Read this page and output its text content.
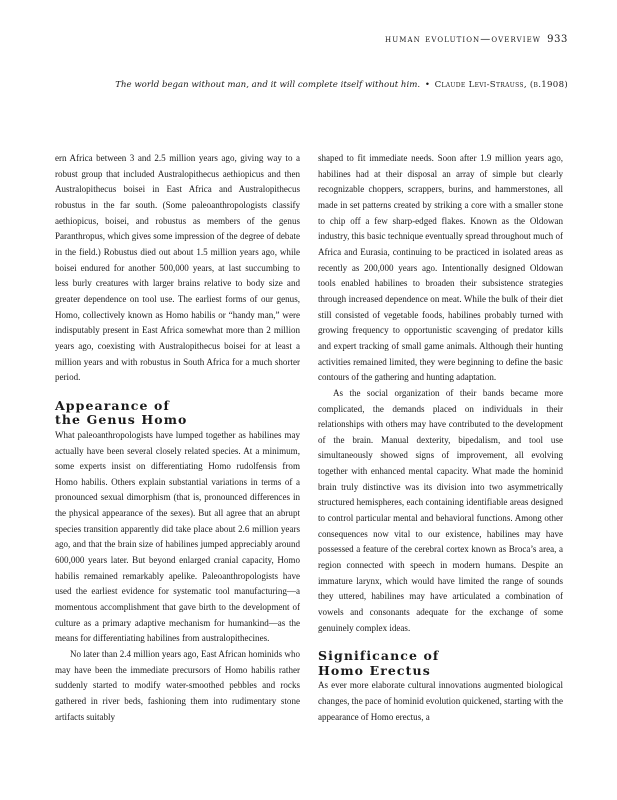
human evolution—overview 933
The world began without man, and it will complete itself without him. • Claude Levi-Strauss, (b.1908)

ern Africa between 3 and 2.5 million years ago, giving way to a robust group that included Australopithecus aethiopicus and then Australopithecus boisei in East Africa and Australopithecus robustus in the far south. (Some paleoanthropologists classify aethiopicus, boisei, and robustus as members of the genus Paranthropus, which gives some impression of the degree of debate in the field.) Robustus died out about 1.5 million years ago, while boisei endured for another 500,000 years, at last succumbing to less burly creatures with larger brains relative to body size and greater dependence on tool use. The earliest forms of our genus, Homo, collectively known as Homo habilis or “handy man,” were indisputably present in East Africa somewhat more than 2 million years ago, coexisting with Australopithecus boisei for at least a million years and with robustus in South Africa for a much shorter period.

Appearance of
the Genus Homo

What paleoanthropologists have lumped together as habilines may actually have been several closely related species. At a minimum, some experts insist on differentiating Homo rudolfensis from Homo habilis. Others explain substantial variations in terms of a pronounced sexual dimorphism (that is, pronounced differences in the physical appearance of the sexes). But all agree that an abrupt species transition apparently did take place about 2.6 million years ago, and that the brain size of habilines jumped appreciably around 600,000 years later. But beyond enlarged cranial capacity, Homo habilis remained remarkably apelike. Paleoanthropologists have used the earliest evidence for systematic tool manufacturing—a momentous accomplishment that gave birth to the development of culture as a primary adaptive mechanism for humankind—as the means for differentiating habilines from australopithecines.

No later than 2.4 million years ago, East African hominids who may have been the immediate precursors of Homo habilis rather suddenly started to modify water-smoothed pebbles and rocks gathered in river beds, fashioning them into rudimentary stone artifacts suitably

shaped to fit immediate needs. Soon after 1.9 million years ago, habilines had at their disposal an array of simple but clearly recognizable choppers, scrappers, burins, and hammerstones, all made in set patterns created by striking a core with a smaller stone to chip off a few sharp-edged flakes. Known as the Oldowan industry, this basic technique eventually spread throughout much of Africa and Eurasia, continuing to be practiced in isolated areas as recently as 200,000 years ago. Intentionally designed Oldowan tools enabled habilines to broaden their subsistence strategies through increased dependence on meat. While the bulk of their diet still consisted of vegetable foods, habilines probably turned with growing frequency to opportunistic scavenging of predator kills and expert tracking of small game animals. Although their hunting activities remained limited, they were beginning to define the basic contours of the gathering and hunting adaptation.

As the social organization of their bands became more complicated, the demands placed on individuals in their relationships with others may have contributed to the development of the brain. Manual dexterity, bipedalism, and tool use simultaneously showed signs of improvement, all evolving together with enhanced mental capacity. What made the hominid brain truly distinctive was its division into two asymmetrically structured hemispheres, each containing identifiable areas designed to control particular mental and behavioral functions. Among other consequences now vital to our existence, habilines may have possessed a feature of the cerebral cortex known as Broca’s area, a region connected with speech in modern humans. Despite an immature larynx, which would have limited the range of sounds they uttered, habilines may have articulated a combination of vowels and consonants adequate for the exchange of some genuinely complex ideas.

Significance of
Homo Erectus

As ever more elaborate cultural innovations augmented biological changes, the pace of hominid evolution quickened, starting with the appearance of Homo erectus, a
